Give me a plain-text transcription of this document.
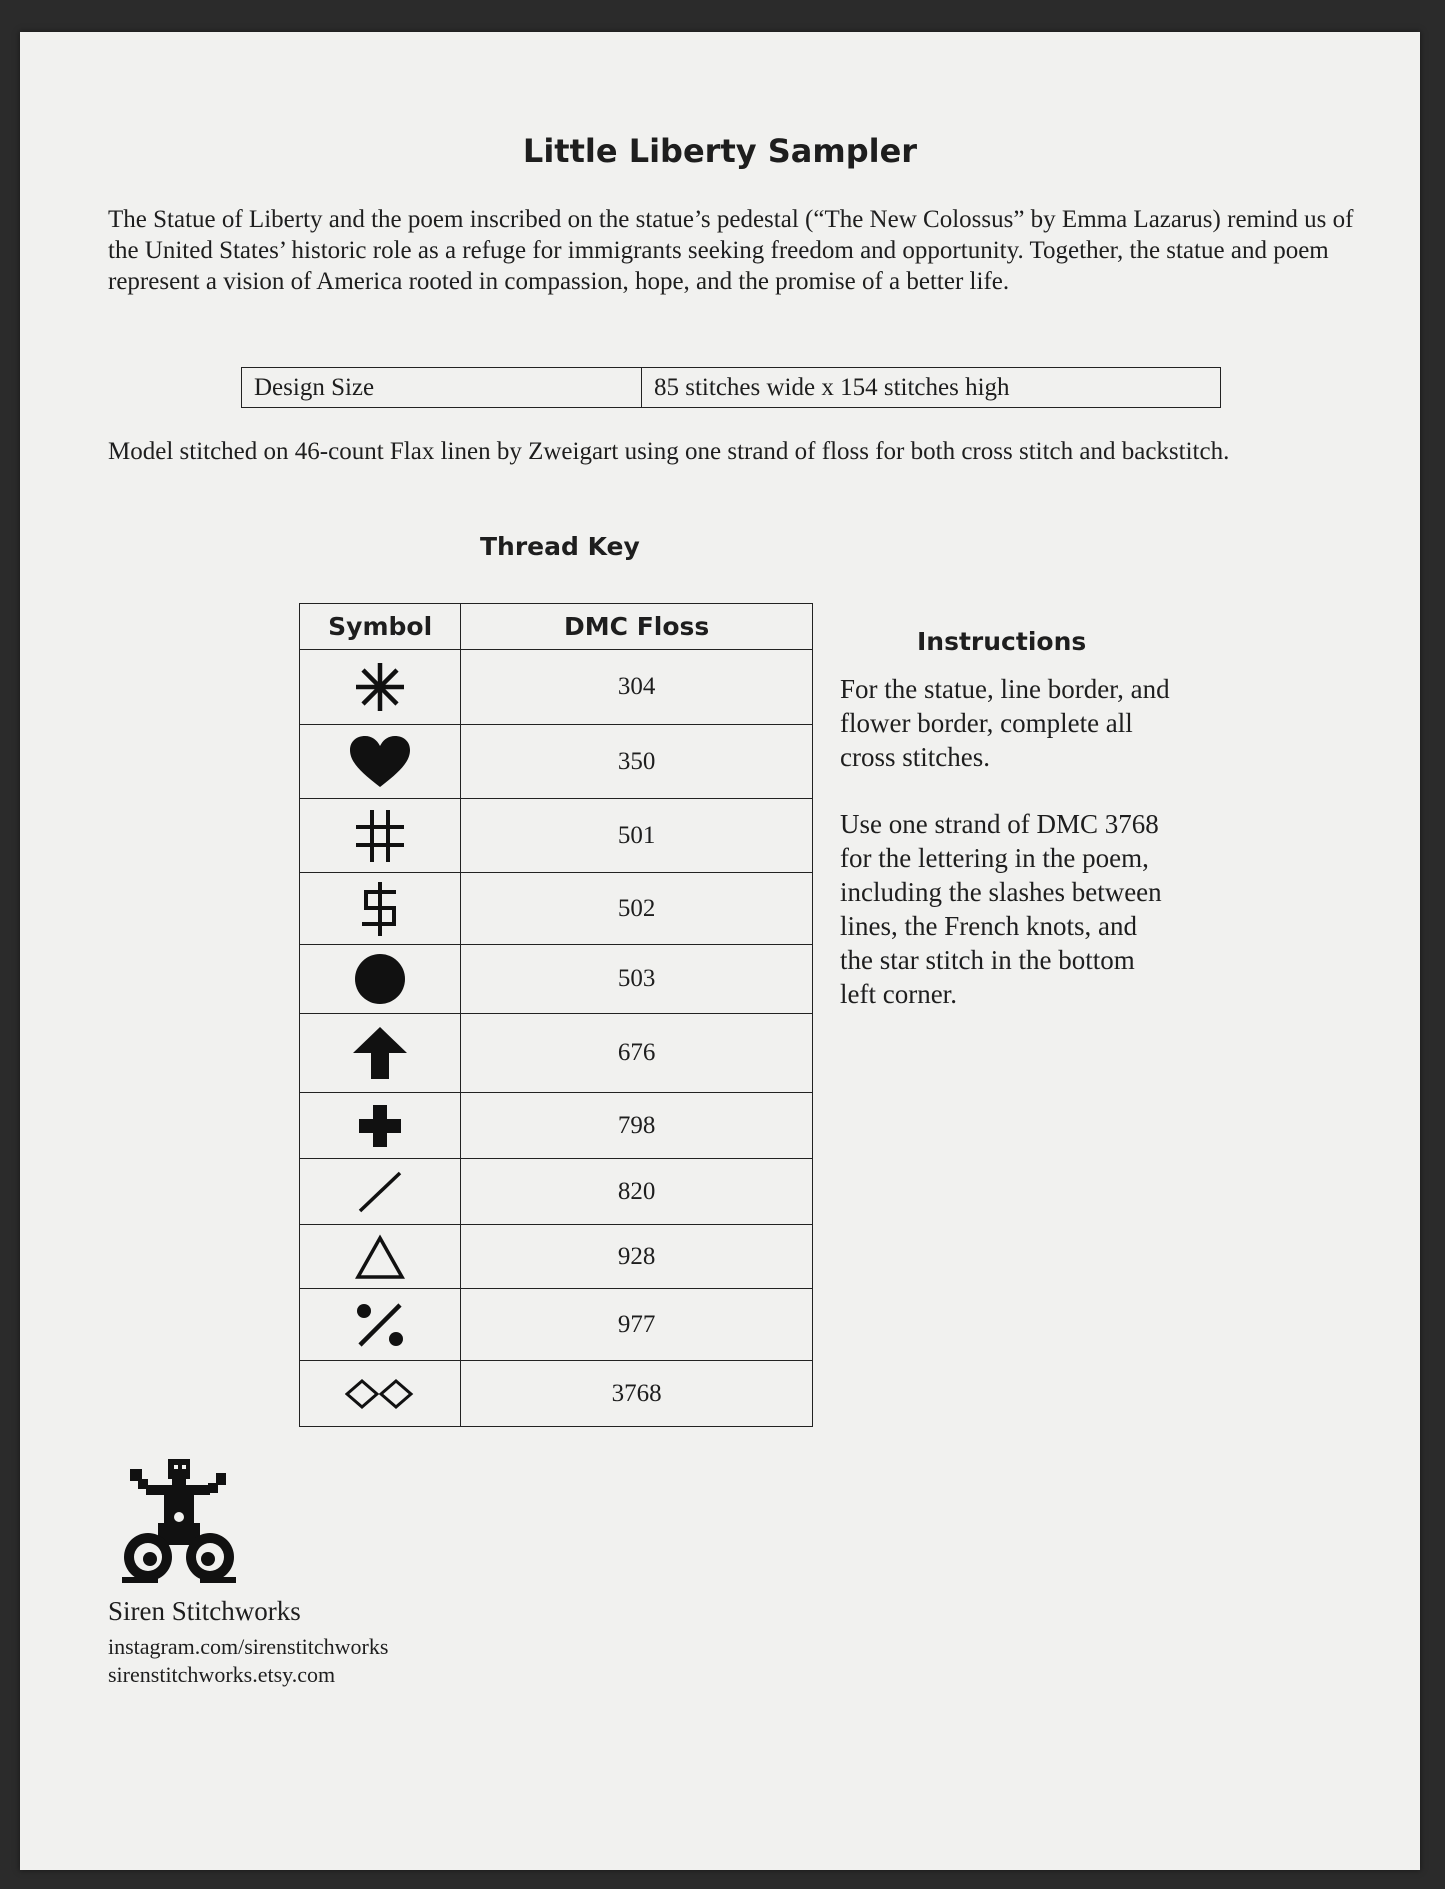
Little Liberty Sampler
The Statue of Liberty and the poem inscribed on the statue’s pedestal (“The New Colossus” by Emma Lazarus) remind us of the United States’ historic role as a refuge for immigrants seeking freedom and opportunity. Together, the statue and poem represent a vision of America rooted in compassion, hope, and the promise of a better life.
Design Size	85 stitches wide x 154 stitches high
Model stitched on 46-count Flax linen by Zweigart using one strand of floss for both cross stitch and backstitch.
Thread Key
Symbol	DMC Floss

	304

	350

	501

	502

	503

	676

	798

	820

	928

	977

	3768
Instructions

For the statue, line border, and flower border, complete all cross stitches.

Use one strand of DMC 3768 for the lettering in the poem, including the slashes between lines, the French knots, and the star stitch in the bottom left corner.

Siren Stitchworks
instagram.com/sirenstitchworks
sirenstitchworks.etsy.com
